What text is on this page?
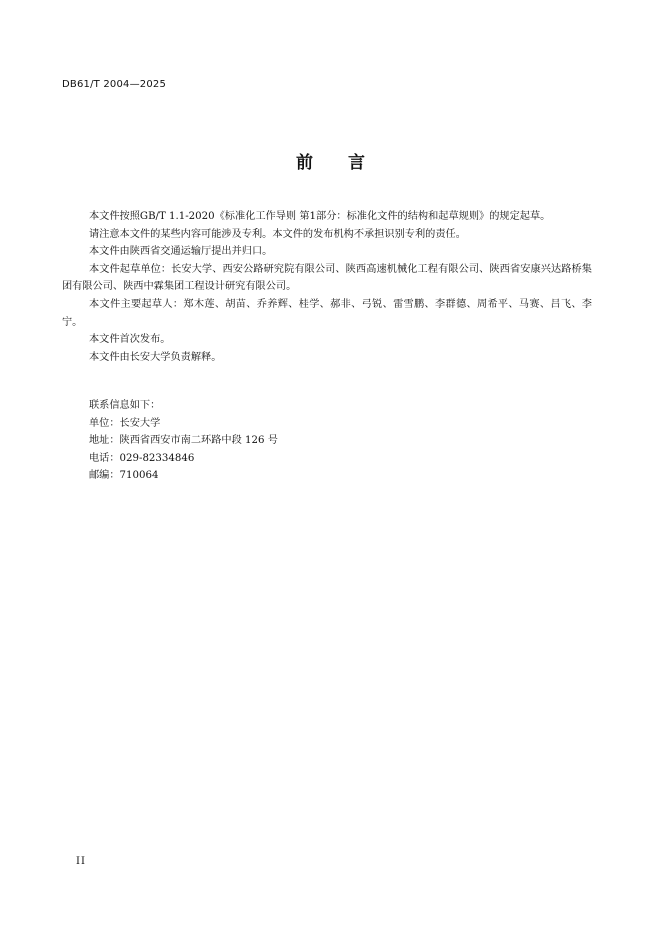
DB61/T 2004—2025
前 言

本文件按照GB/T 1.1-2020《标准化工作导则 第1部分：标准化文件的结构和起草规则》的规定起草。

请注意本文件的某些内容可能涉及专利。本文件的发布机构不承担识别专利的责任。

本文件由陕西省交通运输厅提出并归口。

本文件起草单位：长安大学、西安公路研究院有限公司、陕西高速机械化工程有限公司、陕西省安康兴达路桥集团有限公司、陕西中霖集团工程设计研究有限公司。

本文件主要起草人：郑木莲、胡苗、乔养辉、桂学、郝非、弓锐、雷雪鹏、李群德、周希平、马赛、吕飞、李宁。

本文件首次发布。

本文件由长安大学负责解释。

联系信息如下：
单位：长安大学
地址：陕西省西安市南二环路中段 126 号
电话：029-82334846
邮编：710064
II
